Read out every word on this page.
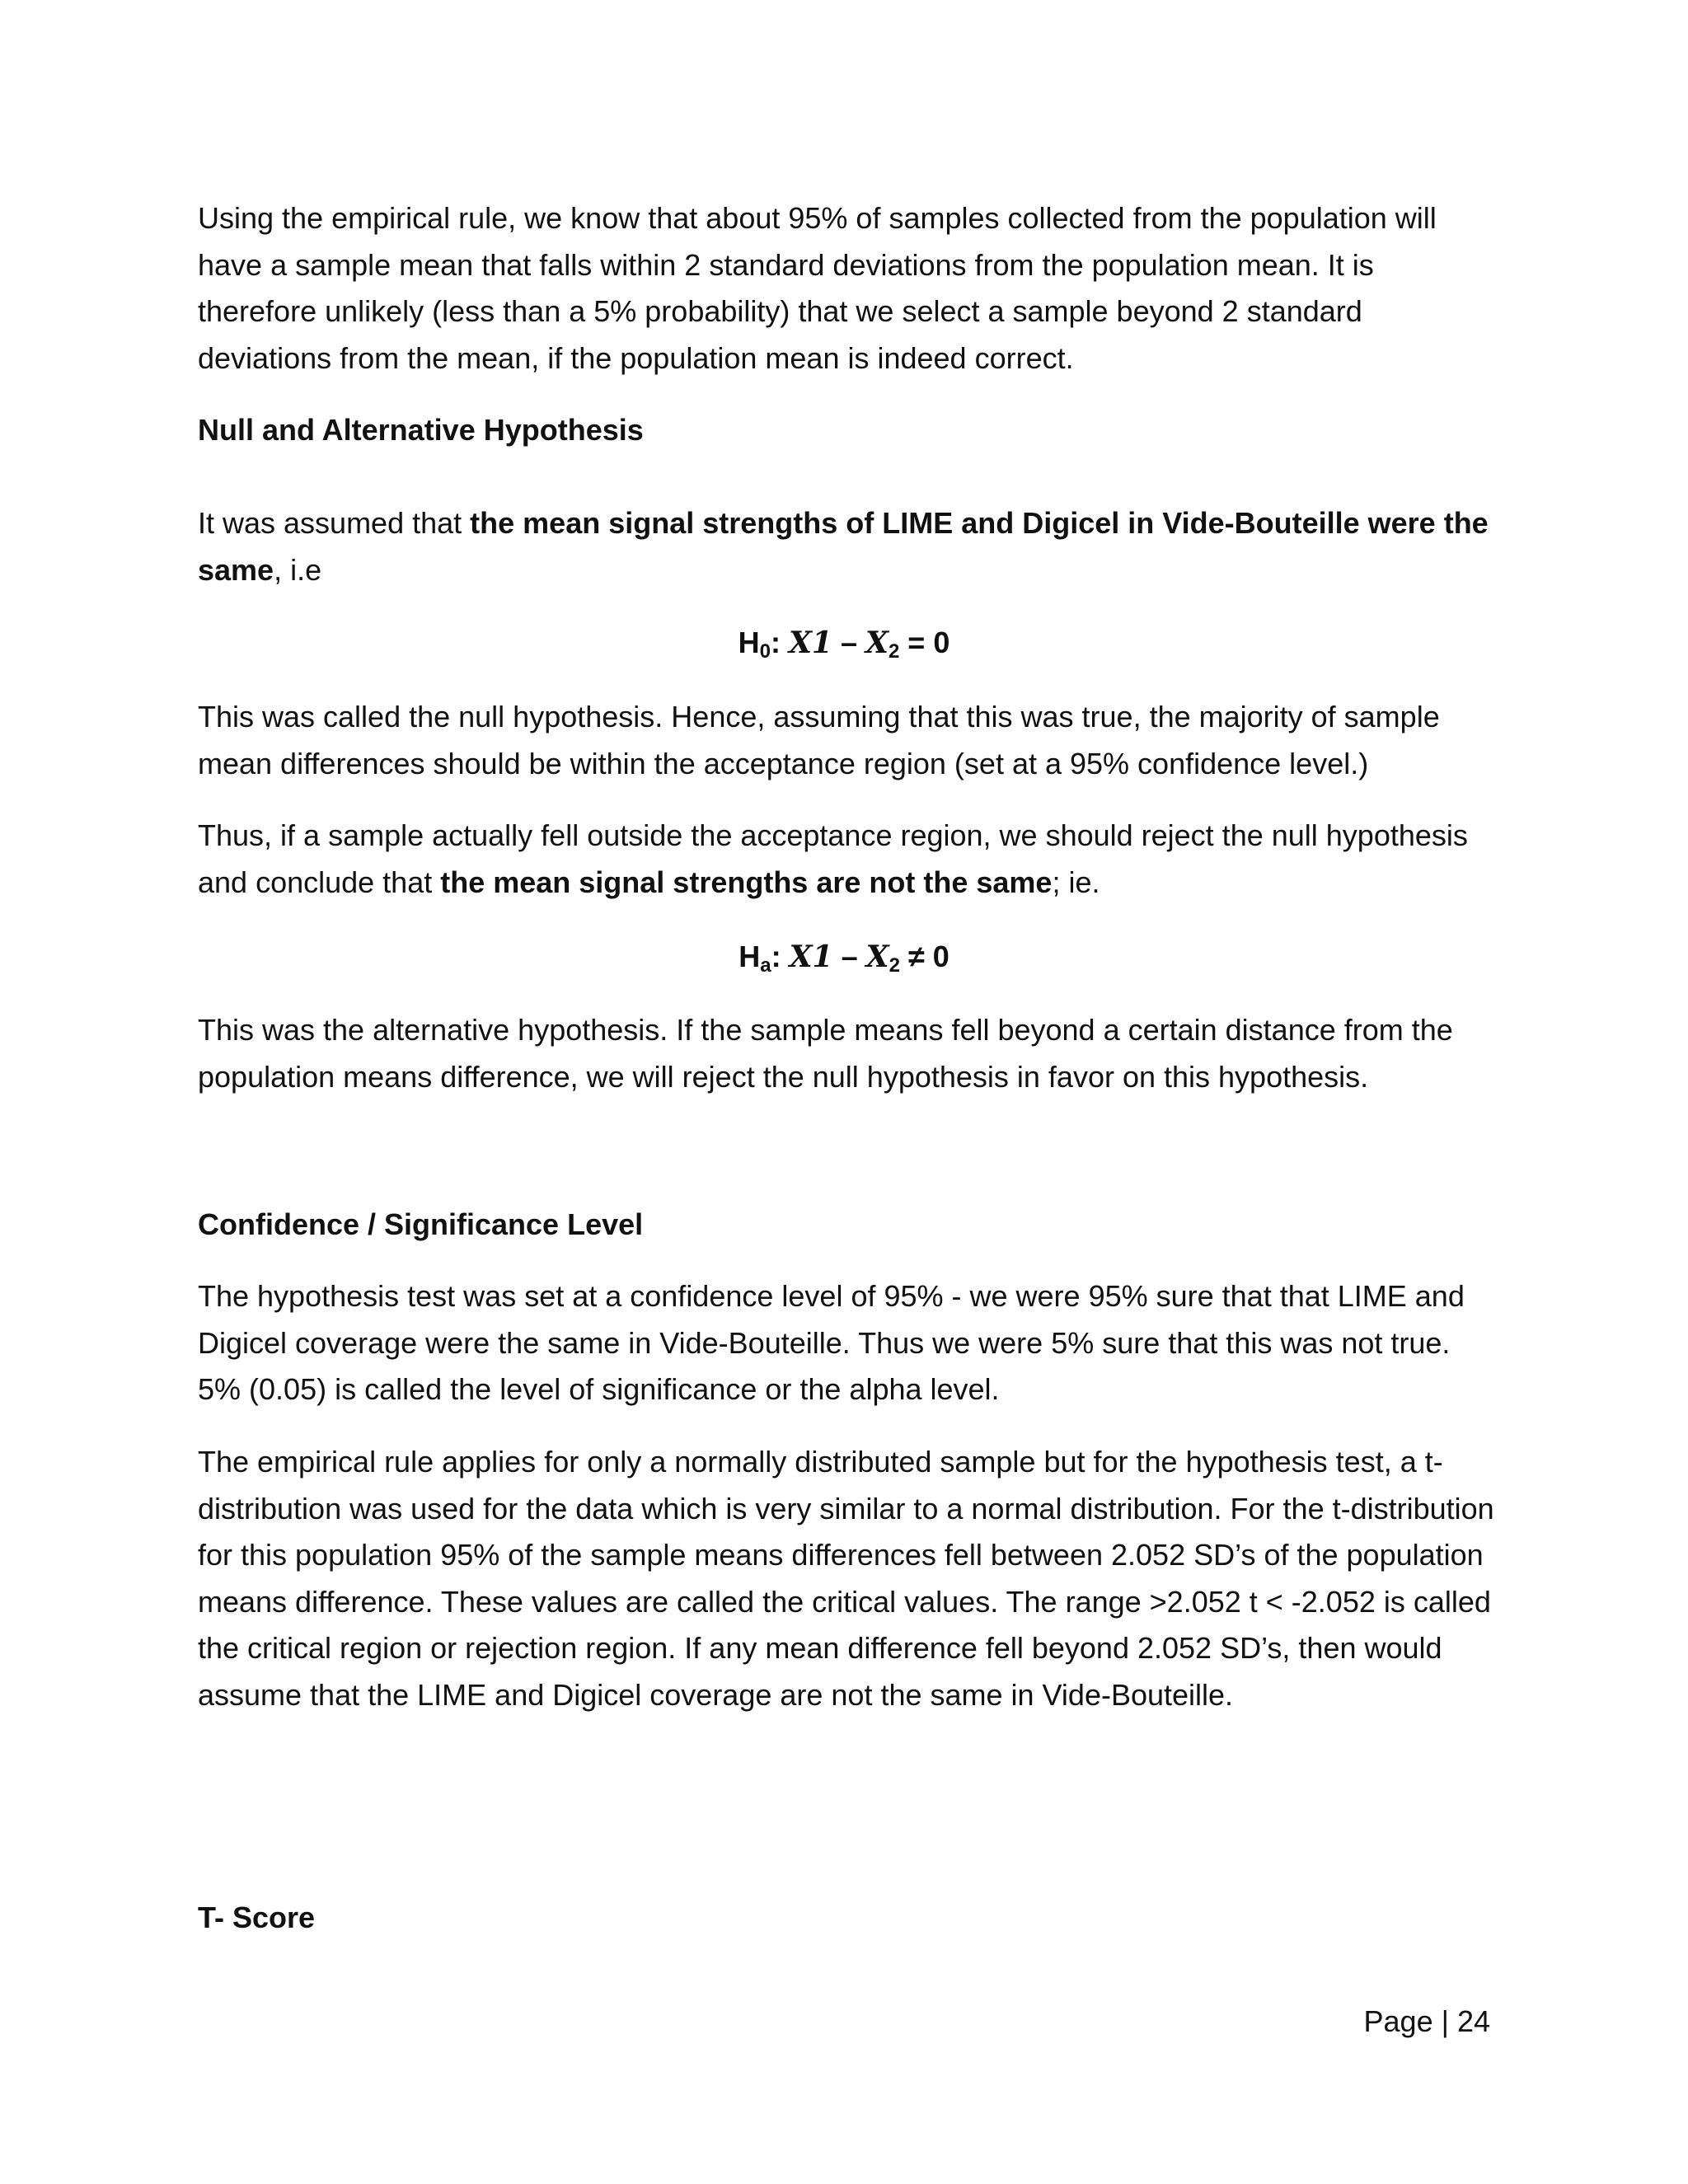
Using the empirical rule, we know that about 95% of samples collected from the population will have a sample mean that falls within 2 standard deviations from the population mean. It is therefore unlikely (less than a 5% probability) that we select a sample beyond 2 standard deviations from the mean, if the population mean is indeed correct.

Null and Alternative Hypothesis

It was assumed that the mean signal strengths of LIME and Digicel in Vide-Bouteille were the same, i.e

H0: $X1 - X_2 = 0$

This was called the null hypothesis. Hence, assuming that this was true, the majority of sample mean differences should be within the acceptance region (set at a 95% confidence level.)

Thus, if a sample actually fell outside the acceptance region, we should reject the null hypothesis and conclude that the mean signal strengths are not the same; ie.

Ha: $X1 - X_2 \ne 0$

This was the alternative hypothesis. If the sample means fell beyond a certain distance from the population means difference, we will reject the null hypothesis in favor on this hypothesis.

Confidence / Significance Level

The hypothesis test was set at a confidence level of 95% - we were 95% sure that that LIME and Digicel coverage were the same in Vide-Bouteille. Thus we were 5% sure that this was not true. 5% (0.05) is called the level of significance or the alpha level.

The empirical rule applies for only a normally distributed sample but for the hypothesis test, a t-distribution was used for the data which is very similar to a normal distribution. For the t-distribution for this population 95% of the sample means differences fell between 2.052 SD’s of the population means difference. These values are called the critical values. The range >2.052 t < -2.052 is called the critical region or rejection region. If any mean difference fell beyond 2.052 SD’s, then would assume that the LIME and Digicel coverage are not the same in Vide-Bouteille.

T- Score

Page | 24
